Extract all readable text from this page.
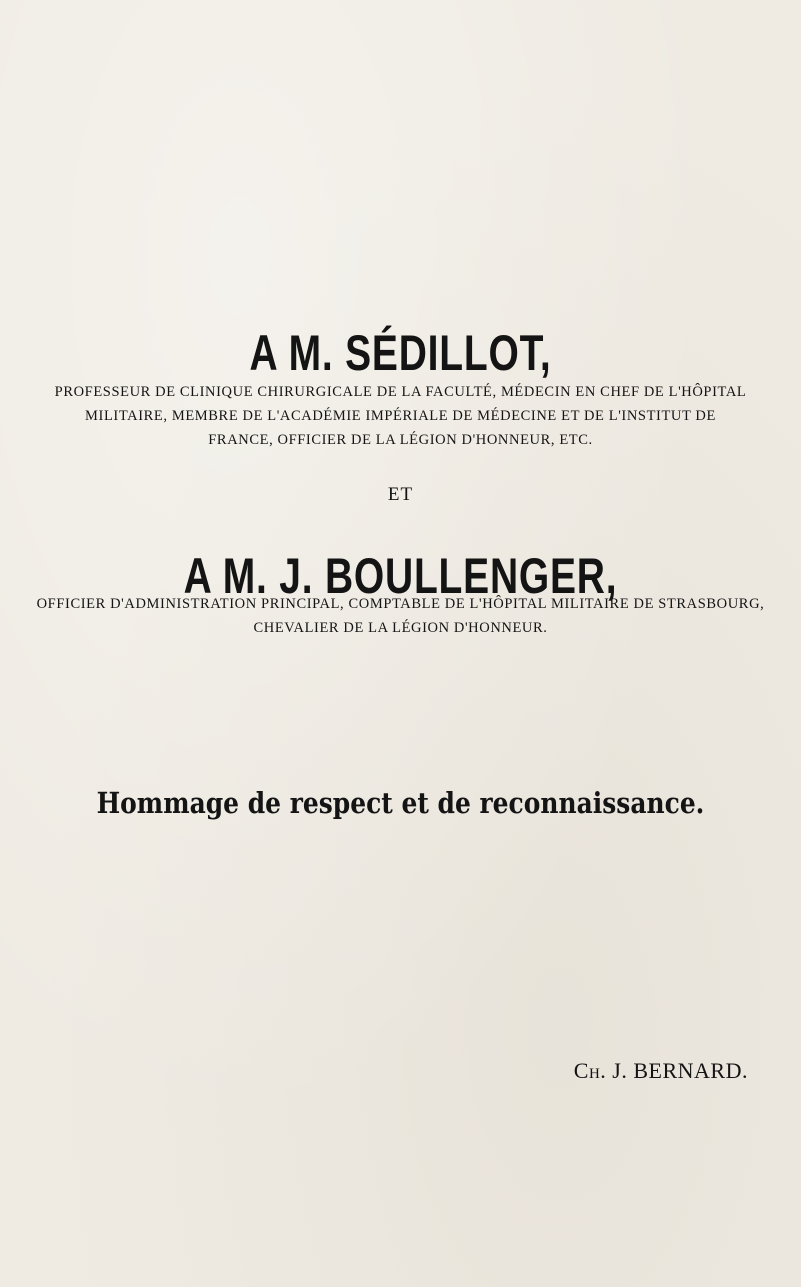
A M. SÉDILLOT,
PROFESSEUR DE CLINIQUE CHIRURGICALE DE LA FACULTÉ, MÉDECIN EN CHEF DE L'HÔPITAL
MILITAIRE, MEMBRE DE L'ACADÉMIE IMPÉRIALE DE MÉDECINE ET DE L'INSTITUT DE
FRANCE, OFFICIER DE LA LÉGION D'HONNEUR, ETC.
ET
A M. J. BOULLENGER,
OFFICIER D'ADMINISTRATION PRINCIPAL, COMPTABLE DE L'HÔPITAL MILITAIRE DE STRASBOURG,
CHEVALIER DE LA LÉGION D'HONNEUR.
Hommage de respect et de reconnaissance.
Ch. J. BERNARD.
